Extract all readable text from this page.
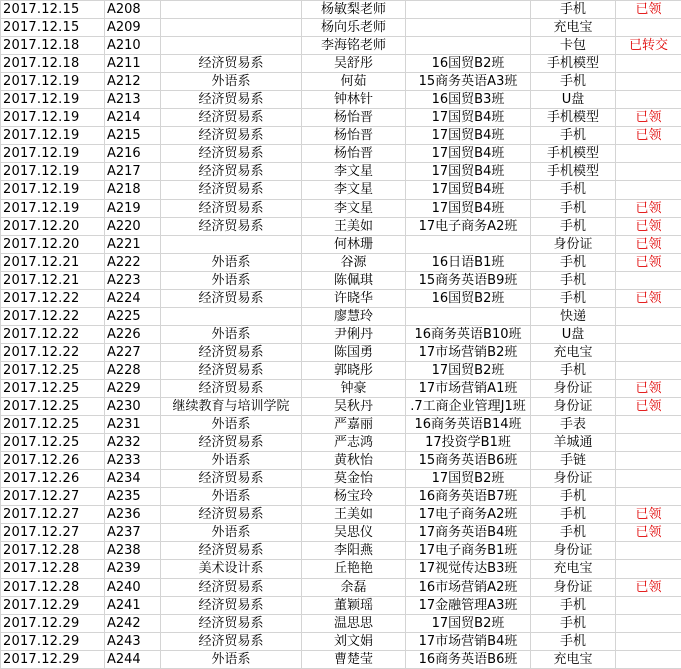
2017.12.15	A208		杨敏梨老师		手机	已领
2017.12.15	A209		杨向乐老师		充电宝	
2017.12.18	A210		李海铭老师		卡包	已转交
2017.12.18	A211	经济贸易系	吴舒彤	16国贸B2班	手机模型	
2017.12.19	A212	外语系	何茹	15商务英语A3班	手机	
2017.12.19	A213	经济贸易系	钟林针	16国贸B3班	U盘	
2017.12.19	A214	经济贸易系	杨怡晋	17国贸B4班	手机模型	已领
2017.12.19	A215	经济贸易系	杨怡晋	17国贸B4班	手机	已领
2017.12.19	A216	经济贸易系	杨怡晋	17国贸B4班	手机模型	
2017.12.19	A217	经济贸易系	李文星	17国贸B4班	手机模型	
2017.12.19	A218	经济贸易系	李文星	17国贸B4班	手机	
2017.12.19	A219	经济贸易系	李文星	17国贸B4班	手机	已领
2017.12.20	A220	经济贸易系	王美如	17电子商务A2班	手机	已领
2017.12.20	A221		何林珊		身份证	已领
2017.12.21	A222	外语系	谷源	16日语B1班	手机	已领
2017.12.21	A223	外语系	陈佩琪	15商务英语B9班	手机	
2017.12.22	A224	经济贸易系	许晓华	16国贸B2班	手机	已领
2017.12.22	A225		廖慧玲		快递	
2017.12.22	A226	外语系	尹俐丹	16商务英语B10班	U盘	
2017.12.22	A227	经济贸易系	陈国勇	17市场营销B2班	充电宝	
2017.12.25	A228	经济贸易系	郭晓彤	17国贸B2班	手机	
2017.12.25	A229	经济贸易系	钟豪	17市场营销A1班	身份证	已领
2017.12.25	A230	继续教育与培训学院	吴秋丹	.7工商企业管理J1班	身份证	已领
2017.12.25	A231	外语系	严嘉丽	16商务英语B14班	手表	
2017.12.25	A232	经济贸易系	严志鸿	17投资学B1班	羊城通	
2017.12.26	A233	外语系	黄秋怡	15商务英语B6班	手链	
2017.12.26	A234	经济贸易系	莫金怡	17国贸B2班	身份证	
2017.12.27	A235	外语系	杨宝玲	16商务英语B7班	手机	
2017.12.27	A236	经济贸易系	王美如	17电子商务A2班	手机	已领
2017.12.27	A237	外语系	吴思仪	17商务英语B4班	手机	已领
2017.12.28	A238	经济贸易系	李阳燕	17电子商务B1班	身份证	
2017.12.28	A239	美术设计系	丘艳艳	17视觉传达B3班	充电宝	
2017.12.28	A240	经济贸易系	余磊	16市场营销A2班	身份证	已领
2017.12.29	A241	经济贸易系	董颖瑶	17金融管理A3班	手机	
2017.12.29	A242	经济贸易系	温思思	17国贸B2班	手机	
2017.12.29	A243	经济贸易系	刘文娟	17市场营销B4班	手机	
2017.12.29	A244	外语系	曹楚莹	16商务英语B6班	充电宝	
